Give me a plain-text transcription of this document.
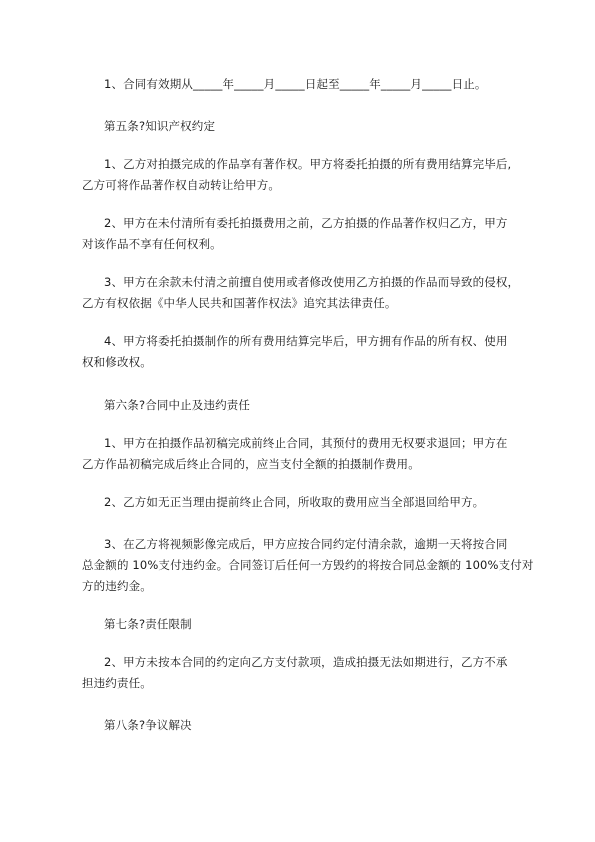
1、合同有效期从_____年_____月_____日起至_____年_____月_____日止。
第五条?知识产权约定
1、乙方对拍摄完成的作品享有著作权。甲方将委托拍摄的所有费用结算完毕后,
乙方可将作品著作权自动转让给甲方。
2、甲方在未付清所有委托拍摄费用之前，乙方拍摄的作品著作权归乙方，甲方
对该作品不享有任何权利。
3、甲方在余款未付清之前擅自使用或者修改使用乙方拍摄的作品而导致的侵权，
乙方有权依据《中华人民共和国著作权法》追究其法律责任。
4、甲方将委托拍摄制作的所有费用结算完毕后，甲方拥有作品的所有权、使用
权和修改权。
第六条?合同中止及违约责任
1、甲方在拍摄作品初稿完成前终止合同，其预付的费用无权要求退回；甲方在
乙方作品初稿完成后终止合同的，应当支付全额的拍摄制作费用。
2、乙方如无正当理由提前终止合同，所收取的费用应当全部退回给甲方。
3、在乙方将视频影像完成后，甲方应按合同约定付清余款，逾期一天将按合同
总金额的 10%支付违约金。合同签订后任何一方毁约的将按合同总金额的 100%支付对
方的违约金。
第七条?责任限制
2、甲方未按本合同的约定向乙方支付款项，造成拍摄无法如期进行，乙方不承
担违约责任。
第八条?争议解决
